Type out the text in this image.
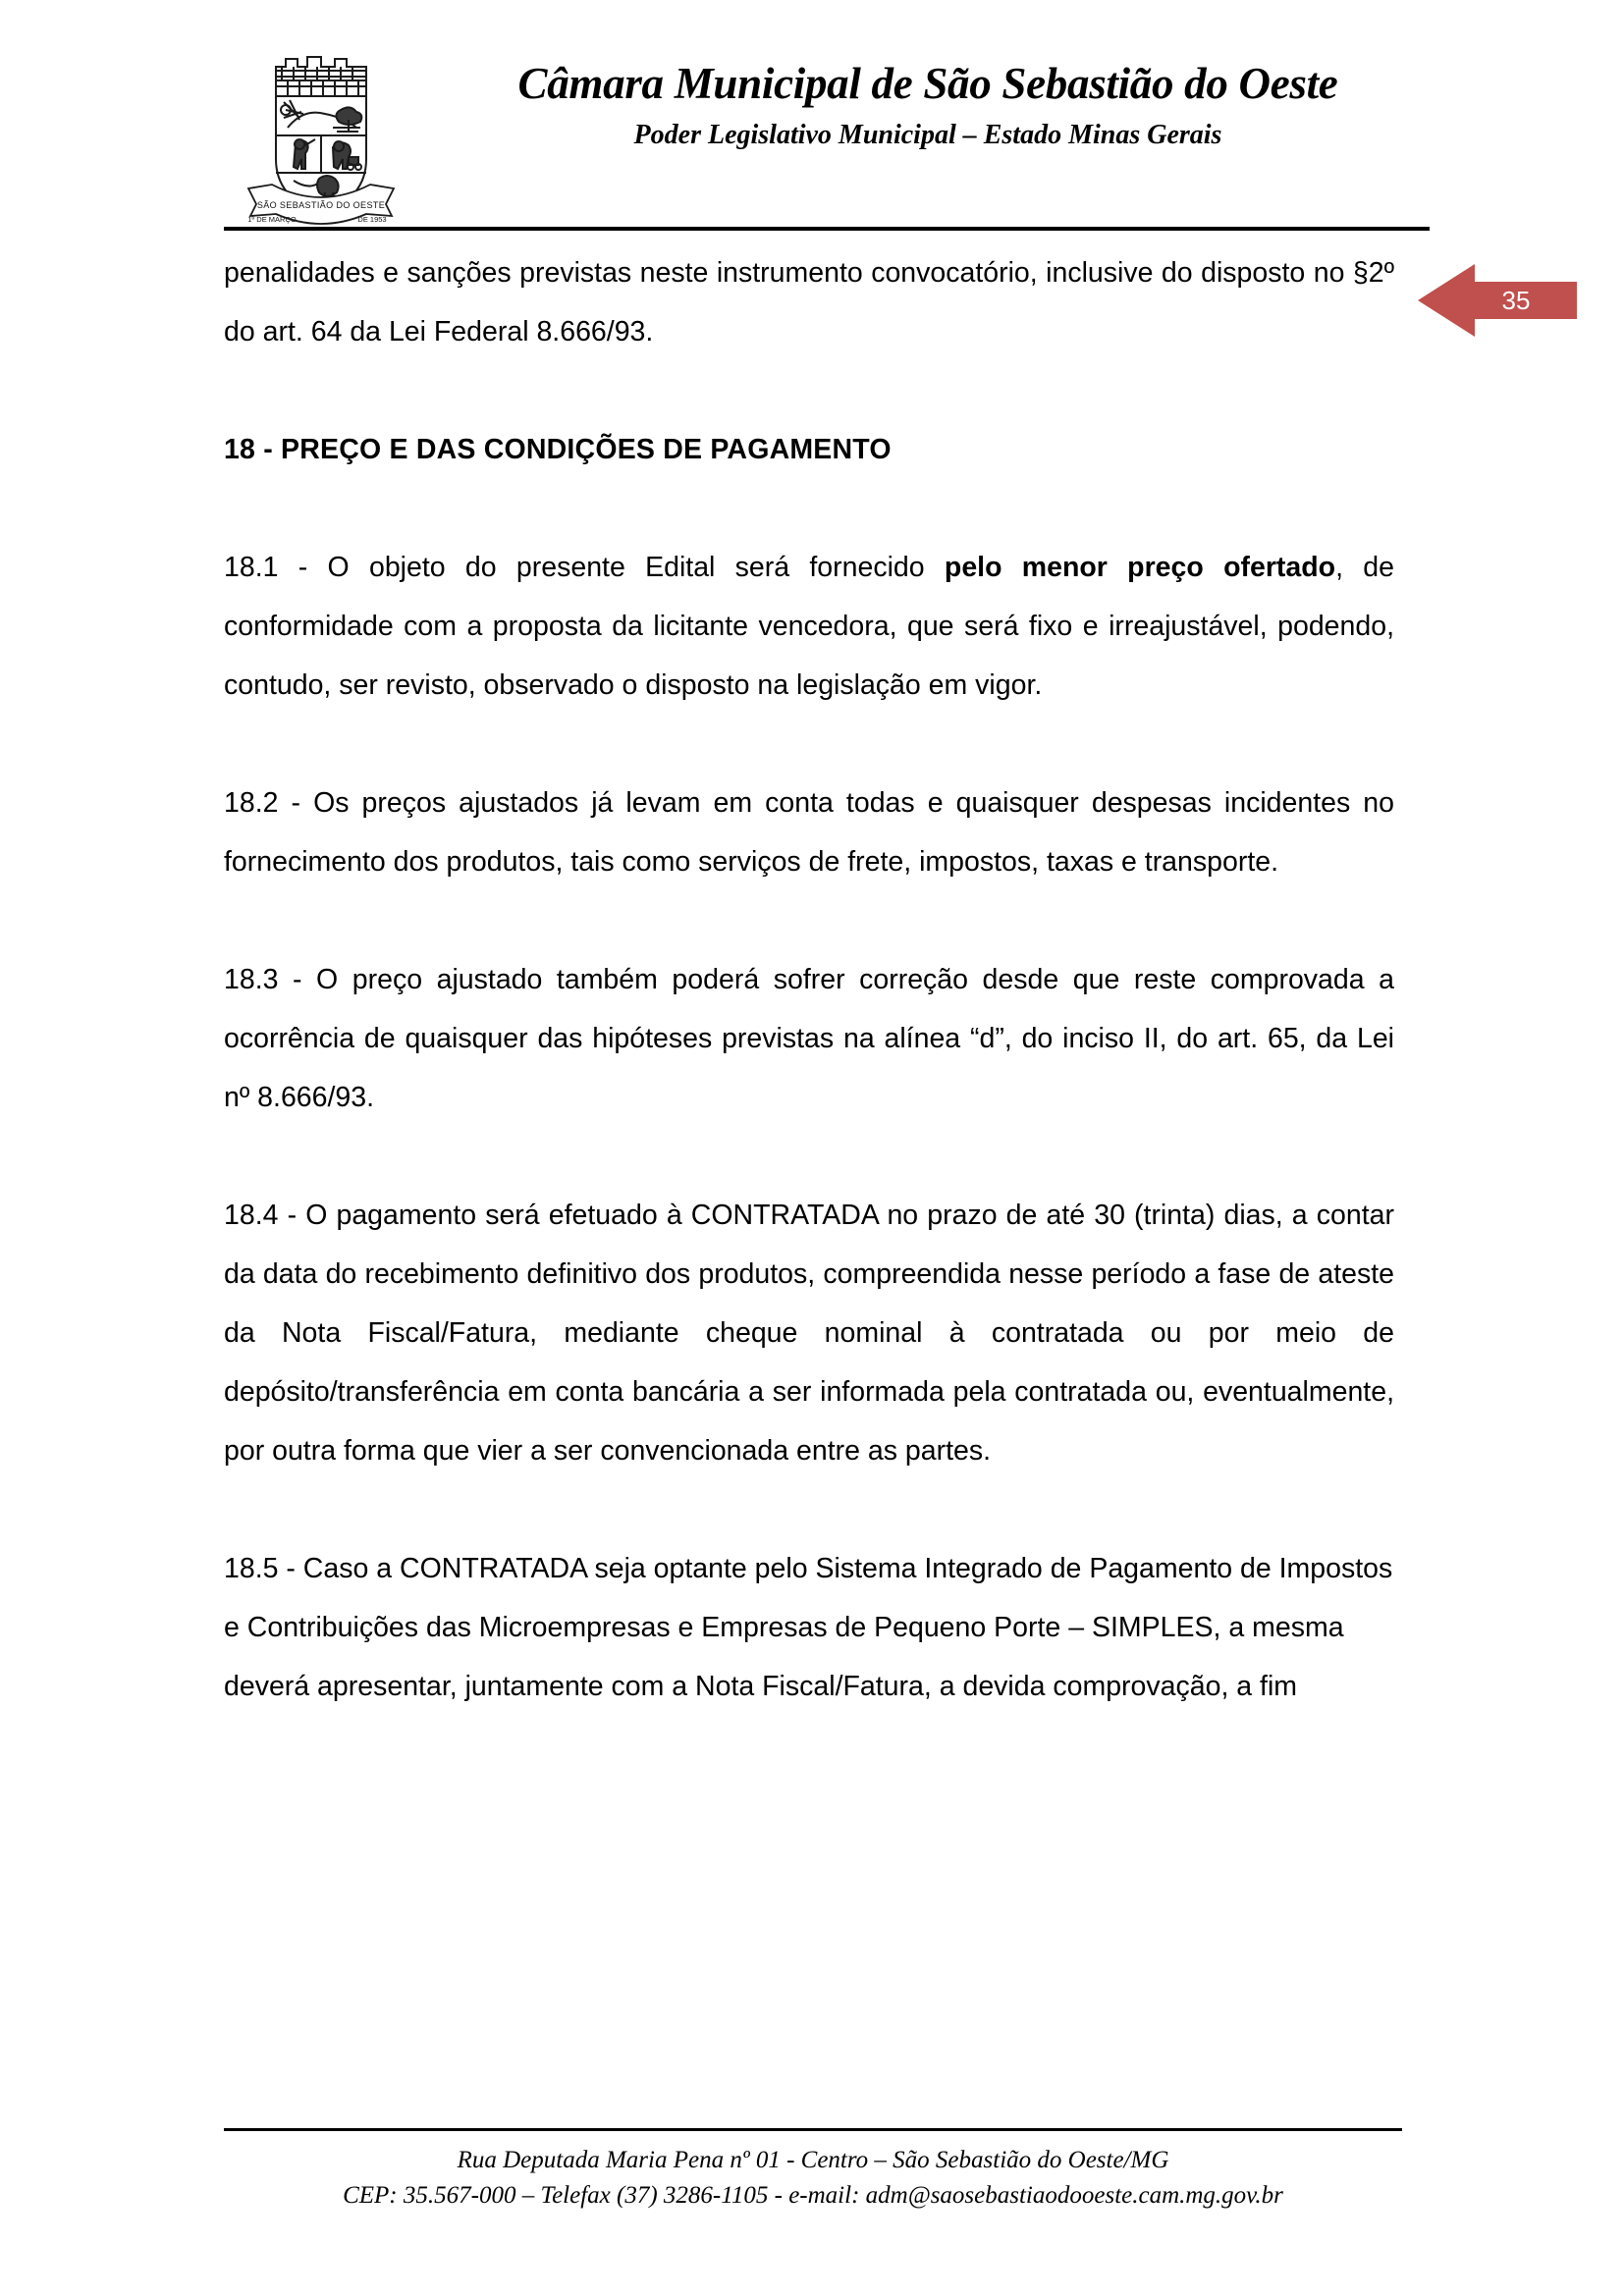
SÃO SEBASTIÃO DO OESTE
1º DE MARÇO	DE 1953
Câmara Municipal de São Sebastião do Oeste
Poder Legislativo Municipal – Estado Minas Gerais
35

penalidades e sanções previstas neste instrumento convocatório, inclusive do disposto no §2º do art. 64 da Lei Federal 8.666/93.

18 - PREÇO E DAS CONDIÇÕES DE PAGAMENTO

18.1 - O objeto do presente Edital será fornecido pelo menor preço ofertado, de conformidade com a proposta da licitante vencedora, que será fixo e irreajustável, podendo, contudo, ser revisto, observado o disposto na legislação em vigor.

18.2 - Os preços ajustados já levam em conta todas e quaisquer despesas incidentes no fornecimento dos produtos, tais como serviços de frete, impostos, taxas e transporte.

18.3 - O preço ajustado também poderá sofrer correção desde que reste comprovada a ocorrência de quaisquer das hipóteses previstas na alínea “d”, do inciso II, do art. 65, da Lei nº 8.666/93.

18.4 - O pagamento será efetuado à CONTRATADA no prazo de até 30 (trinta) dias, a contar da data do recebimento definitivo dos produtos, compreendida nesse período a fase de ateste da Nota Fiscal/Fatura, mediante cheque nominal à contratada ou por meio de depósito/transferência em conta bancária a ser informada pela contratada ou, eventualmente, por outra forma que vier a ser convencionada entre as partes.

18.5 - Caso a CONTRATADA seja optante pelo Sistema Integrado de Pagamento de Impostos e Contribuições das Microempresas e Empresas de Pequeno Porte – SIMPLES, a mesma deverá apresentar, juntamente com a Nota Fiscal/Fatura, a devida comprovação, a fim

Rua Deputada Maria Pena nº 01 - Centro – São Sebastião do Oeste/MG
CEP: 35.567-000 – Telefax (37) 3286-1105 - e-mail: adm@saosebastiaodooeste.cam.mg.gov.br
